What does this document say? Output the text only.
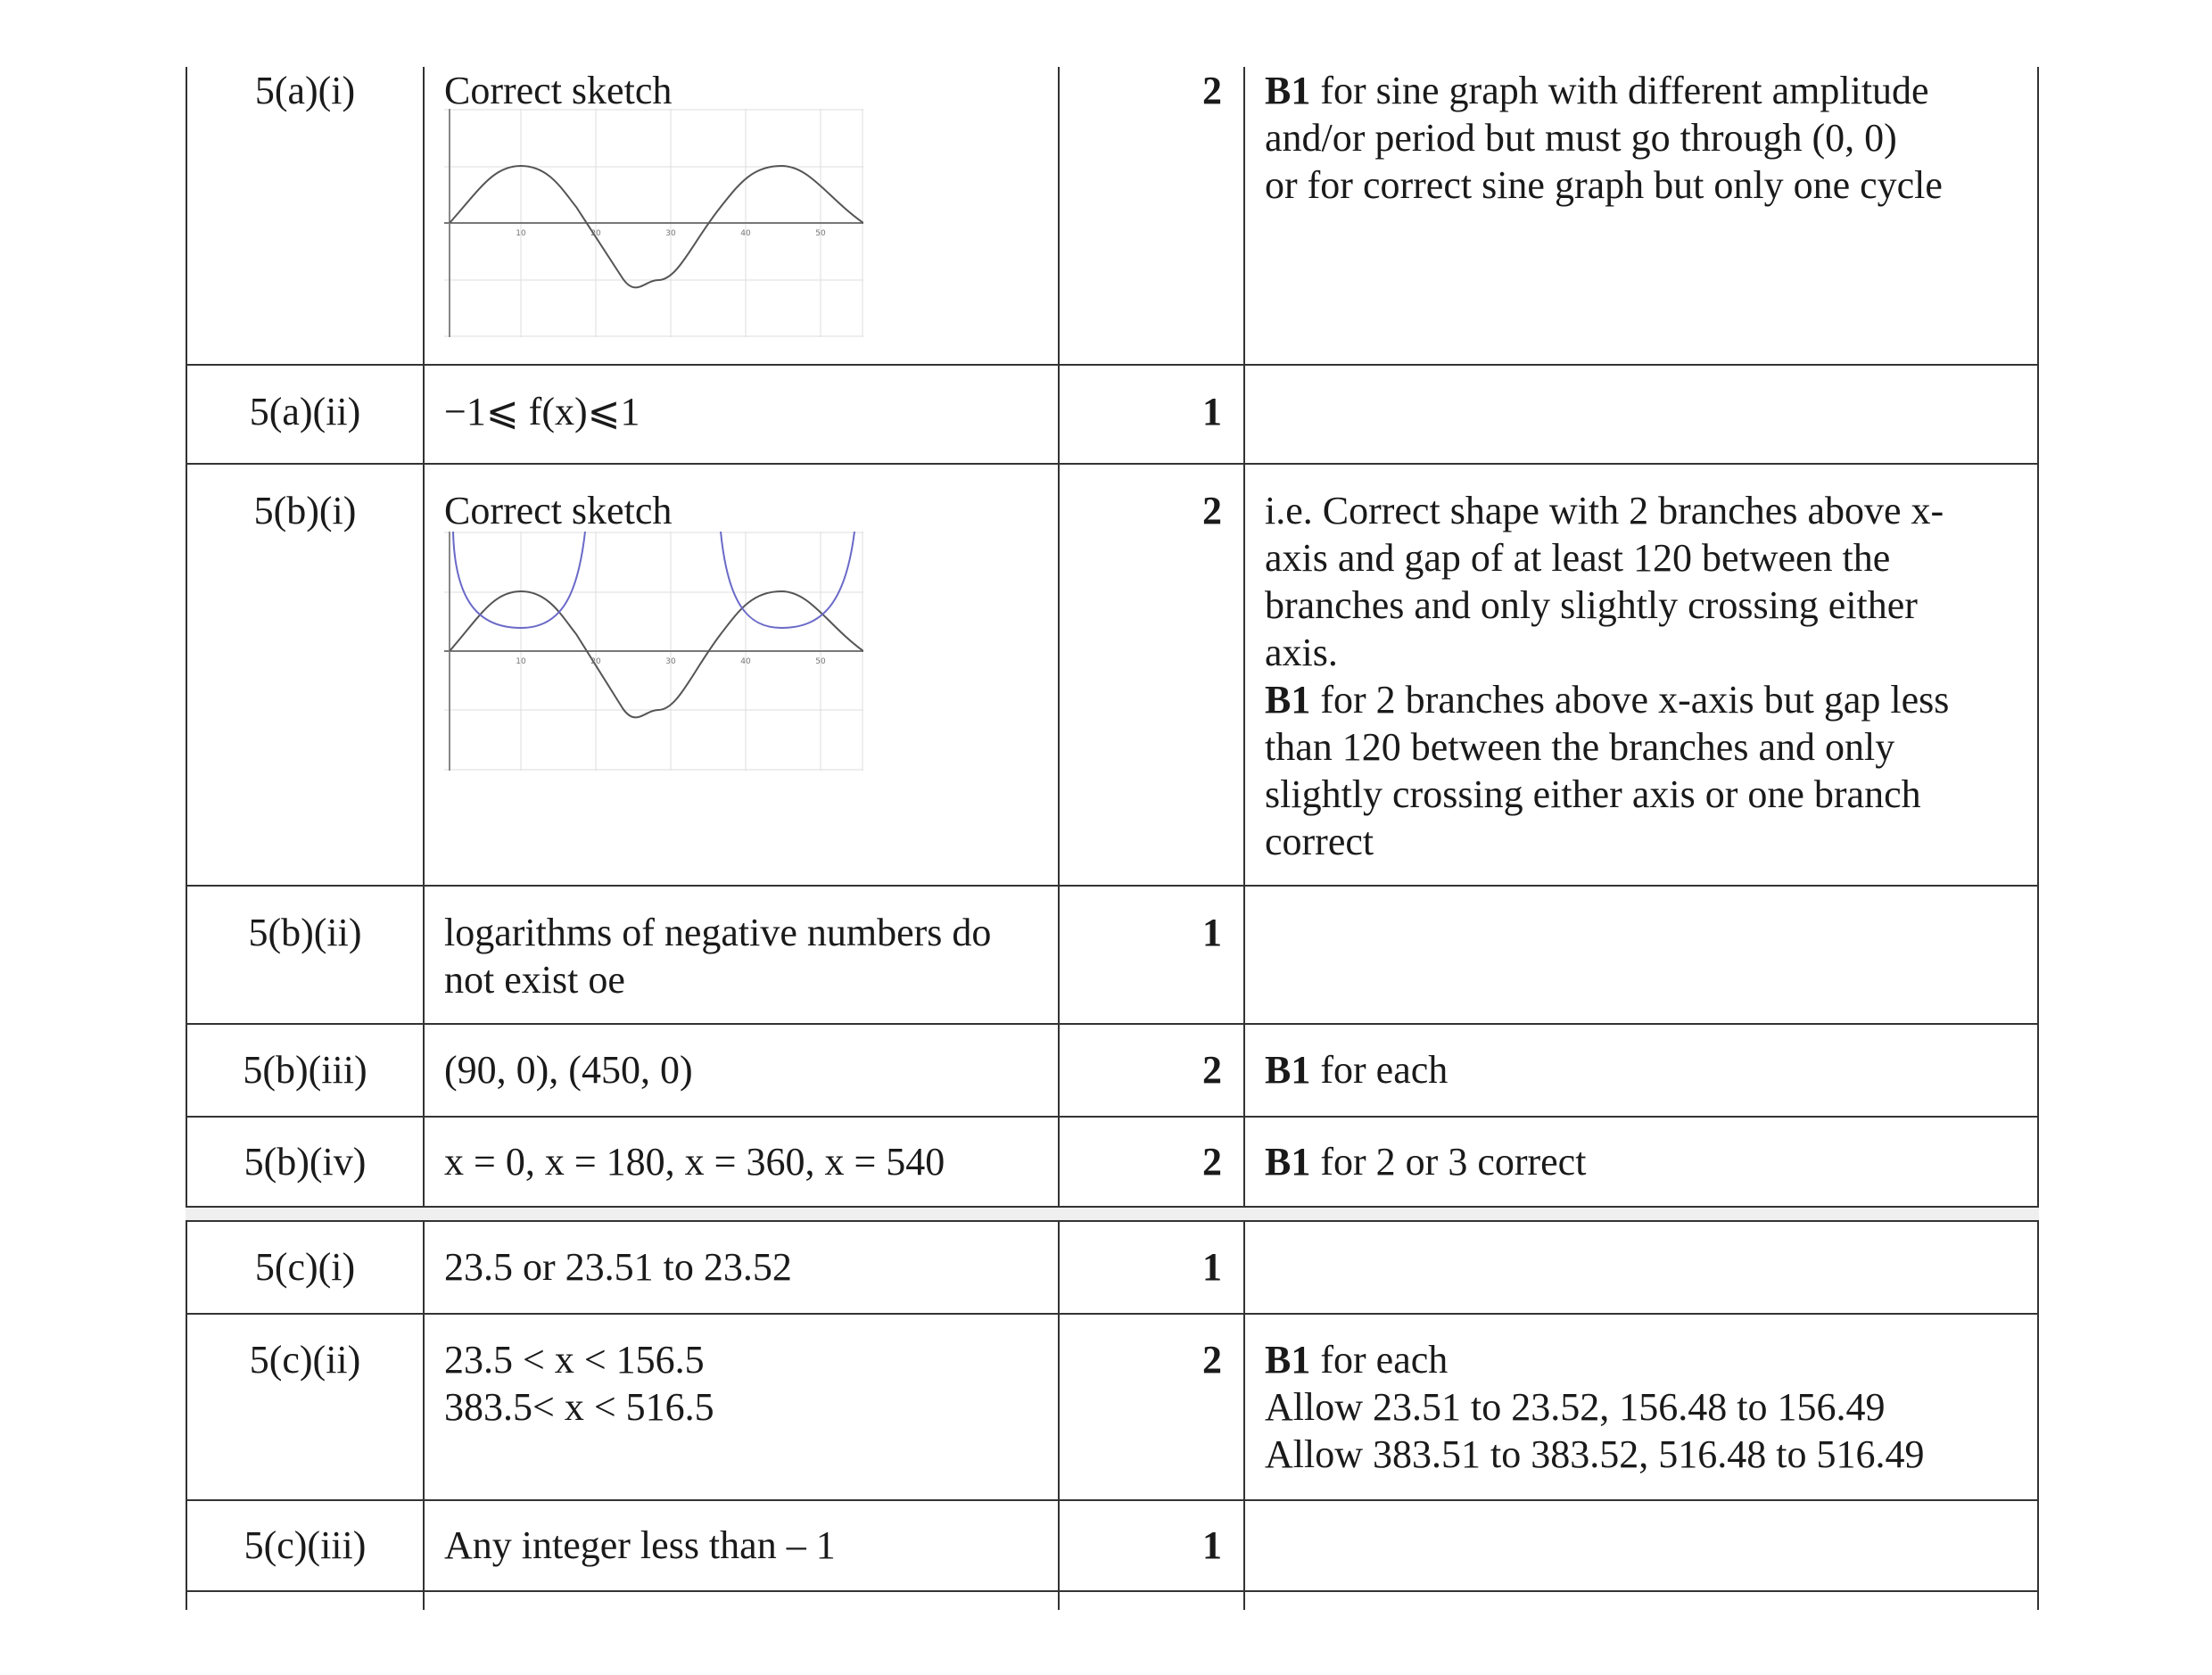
5(a)(i)	Correct sketch
10	20	30	40	50
2 B1 for sine graph with different amplitude
and/or period but must go through (0, 0)
or for correct sine graph but only one cycle
5(a)(ii)	−1⩽ f(x)⩽1	1
5(b)(i)	Correct sketch
10	20	30	40	50
2 i.e. Correct shape with 2 branches above x-
axis and gap of at least 120 between the
branches and only slightly crossing either
axis.
B1 for 2 branches above x-axis but gap less
than 120 between the branches and only
slightly crossing either axis or one branch
correct
5(b)(ii)	logarithms of negative numbers do
not exist oe
1
5(b)(iii)	(90, 0), (450, 0)	2 B1 for each
5(b)(iv)	x = 0, x = 180, x = 360, x = 540	2 B1 for 2 or 3 correct
5(c)(i)	23.5 or 23.51 to 23.52	1
5(c)(ii)	23.5 < x < 156.5
383.5< x < 516.5
2 B1 for each
Allow 23.51 to 23.52, 156.48 to 156.49
Allow 383.51 to 383.52, 516.48 to 516.49
5(c)(iii)	Any integer less than – 1	1
